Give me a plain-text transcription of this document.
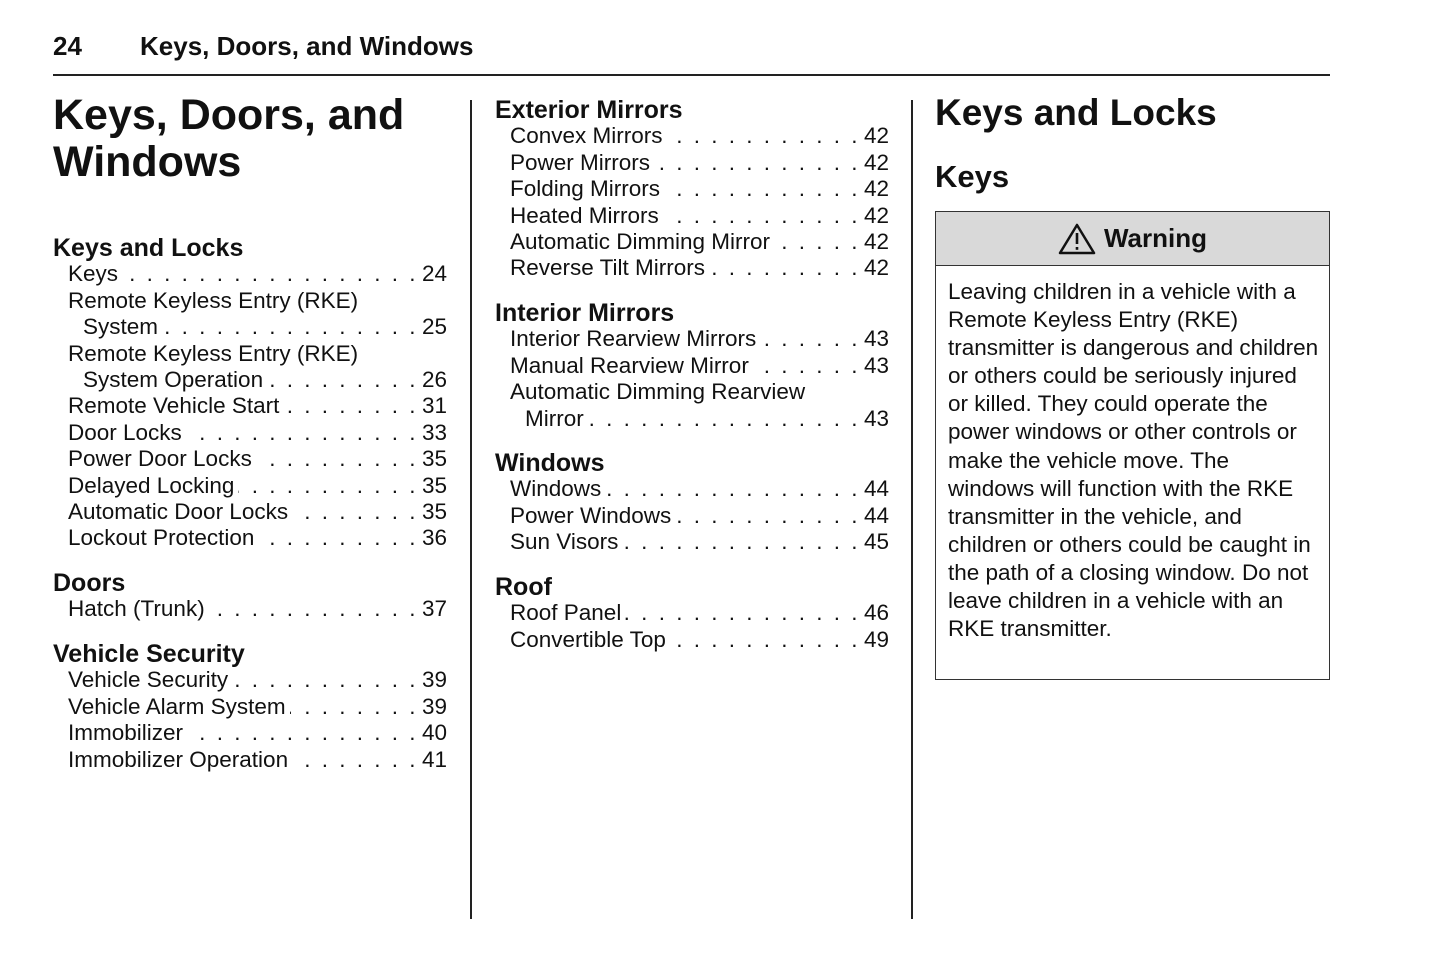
24 Keys, Doors, and Windows
Keys, Doors, and Windows
Keys and Locks
Keys . . .	24
Remote Keyless Entry (RKE)
System . . .	25
Remote Keyless Entry (RKE)
System Operation . . .	26
Remote Vehicle Start . . .	31
Door Locks . . .	33
Power Door Locks . . .	35
Delayed Locking . . .	35
Automatic Door Locks . . .	35
Lockout Protection . . .	36
Doors
Hatch (Trunk) . . .	37
Vehicle Security
Vehicle Security . . .	39
Vehicle Alarm System . . .	39
Immobilizer . . .	40
Immobilizer Operation . . .	41
Exterior Mirrors
Convex Mirrors . . .	42
Power Mirrors . . .	42
Folding Mirrors . . .	42
Heated Mirrors . . .	42
Automatic Dimming Mirror . . .	42
Reverse Tilt Mirrors . . .	42
Interior Mirrors
Interior Rearview Mirrors . . .	43
Manual Rearview Mirror . . .	43
Automatic Dimming Rearview
Mirror . . .	43
Windows
Windows . . .	44
Power Windows . . .	44
Sun Visors . . .	45
Roof
Roof Panel . . .	46
Convertible Top . . .	49
Keys and Locks
Keys
Warning
Leaving children in a vehicle with a Remote Keyless Entry (RKE) transmitter is dangerous and children or others could be seriously injured or killed. They could operate the power windows or other controls or make the vehicle move. The windows will function with the RKE transmitter in the vehicle, and children or others could be caught in the path of a closing window. Do not leave children in a vehicle with an RKE transmitter.
